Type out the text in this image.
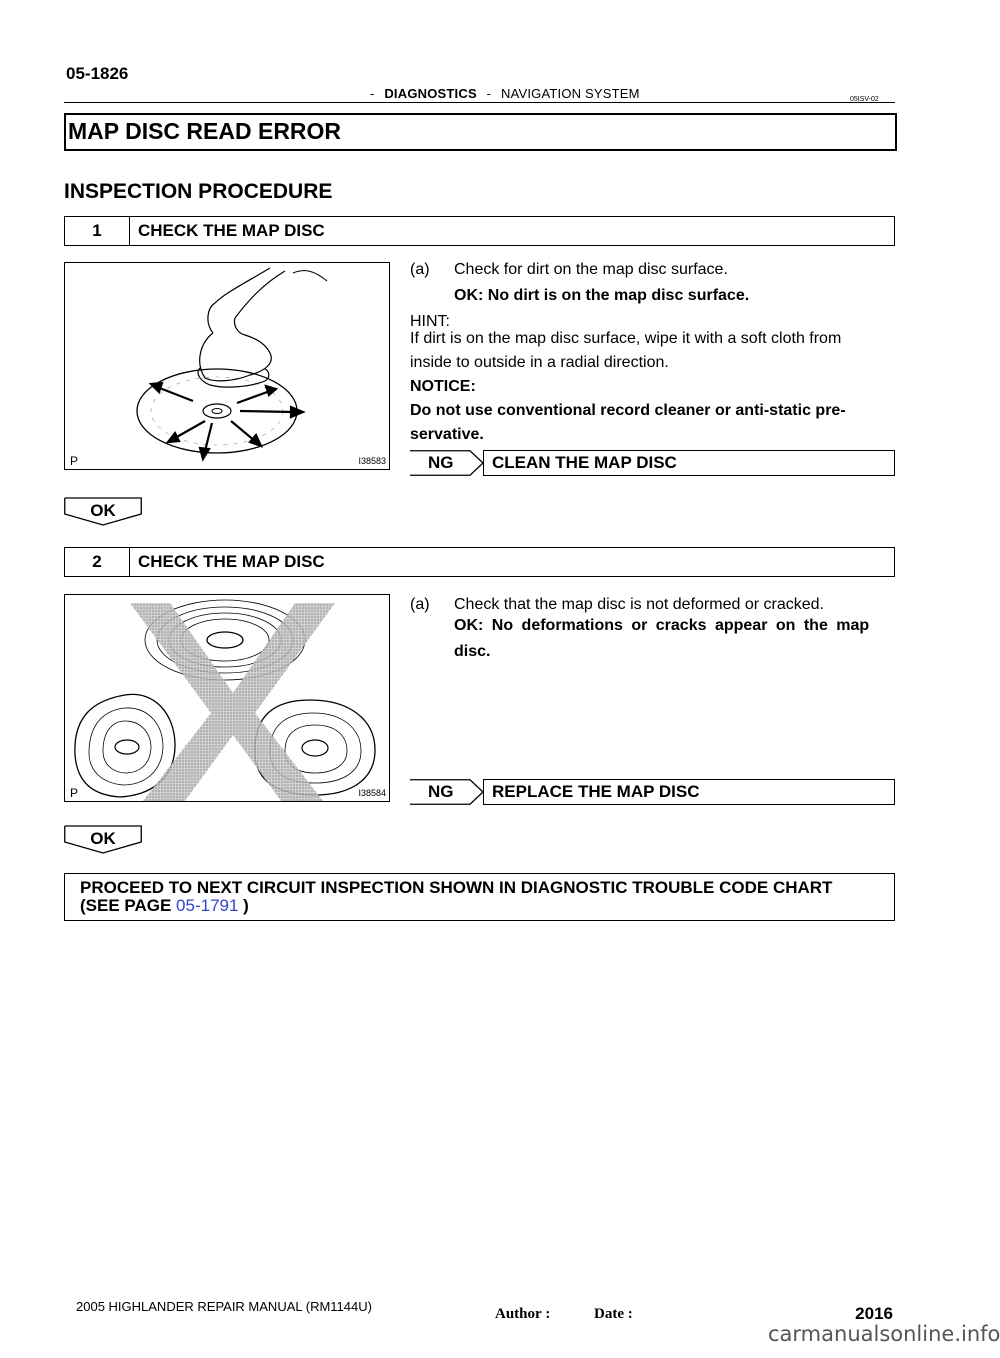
05-1826
- DIAGNOSTICS - NAVIGATION SYSTEM	05ISV-02
MAP DISC READ ERROR
INSPECTION PROCEDURE
1	CHECK THE MAP DISC
P	I38583
(a) Check for dirt on the map disc surface.
OK: No dirt is on the map disc surface.
HINT:
If dirt is on the map disc surface, wipe it with a soft cloth from
inside to outside in a radial direction.
NOTICE:
Do not use conventional record cleaner or anti-static pre-
servative.
NG CLEAN THE MAP DISC
OK
2	CHECK THE MAP DISC
P	I38584
(a) Check that the map disc is not deformed or cracked.
OK: No deformations or cracks appear on the map
disc.
NG REPLACE THE MAP DISC
OK
PROCEED TO NEXT CIRCUIT INSPECTION SHOWN IN DIAGNOSTIC TROUBLE CODE CHART
(SEE PAGE 05-1791 )
2005 HIGHLANDER REPAIR MANUAL (RM1144U)	Author :	Date :	2016
carmanualsonline.info
